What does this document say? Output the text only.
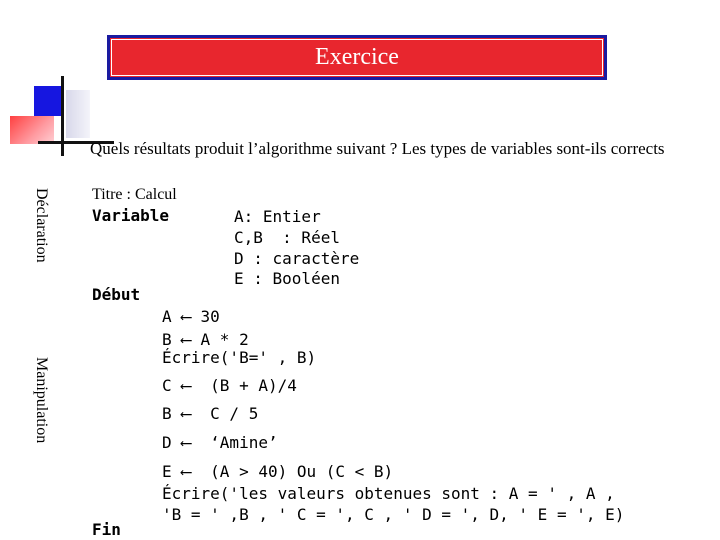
Exercice
Quels résultats produit l’algorithme suivant ? Les types de variables sont-ils corrects
Titre : Calcul
Déclaration
Manipulation
Variable
Début
Fin
A: Entier
C,B  : Réel
D : caractère
E : Booléen
A ⟵ 30
B ⟵ A * 2
Écrire('B=' , B)
C ⟵  (B + A)/4
B ⟵  C / 5
D ⟵  ‘Amine’
E ⟵  (A > 40) Ou (C < B)
Écrire('les valeurs obtenues sont : A = ' , A ,
'B = ' ,B , ' C = ', C , ' D = ', D, ' E = ', E)
